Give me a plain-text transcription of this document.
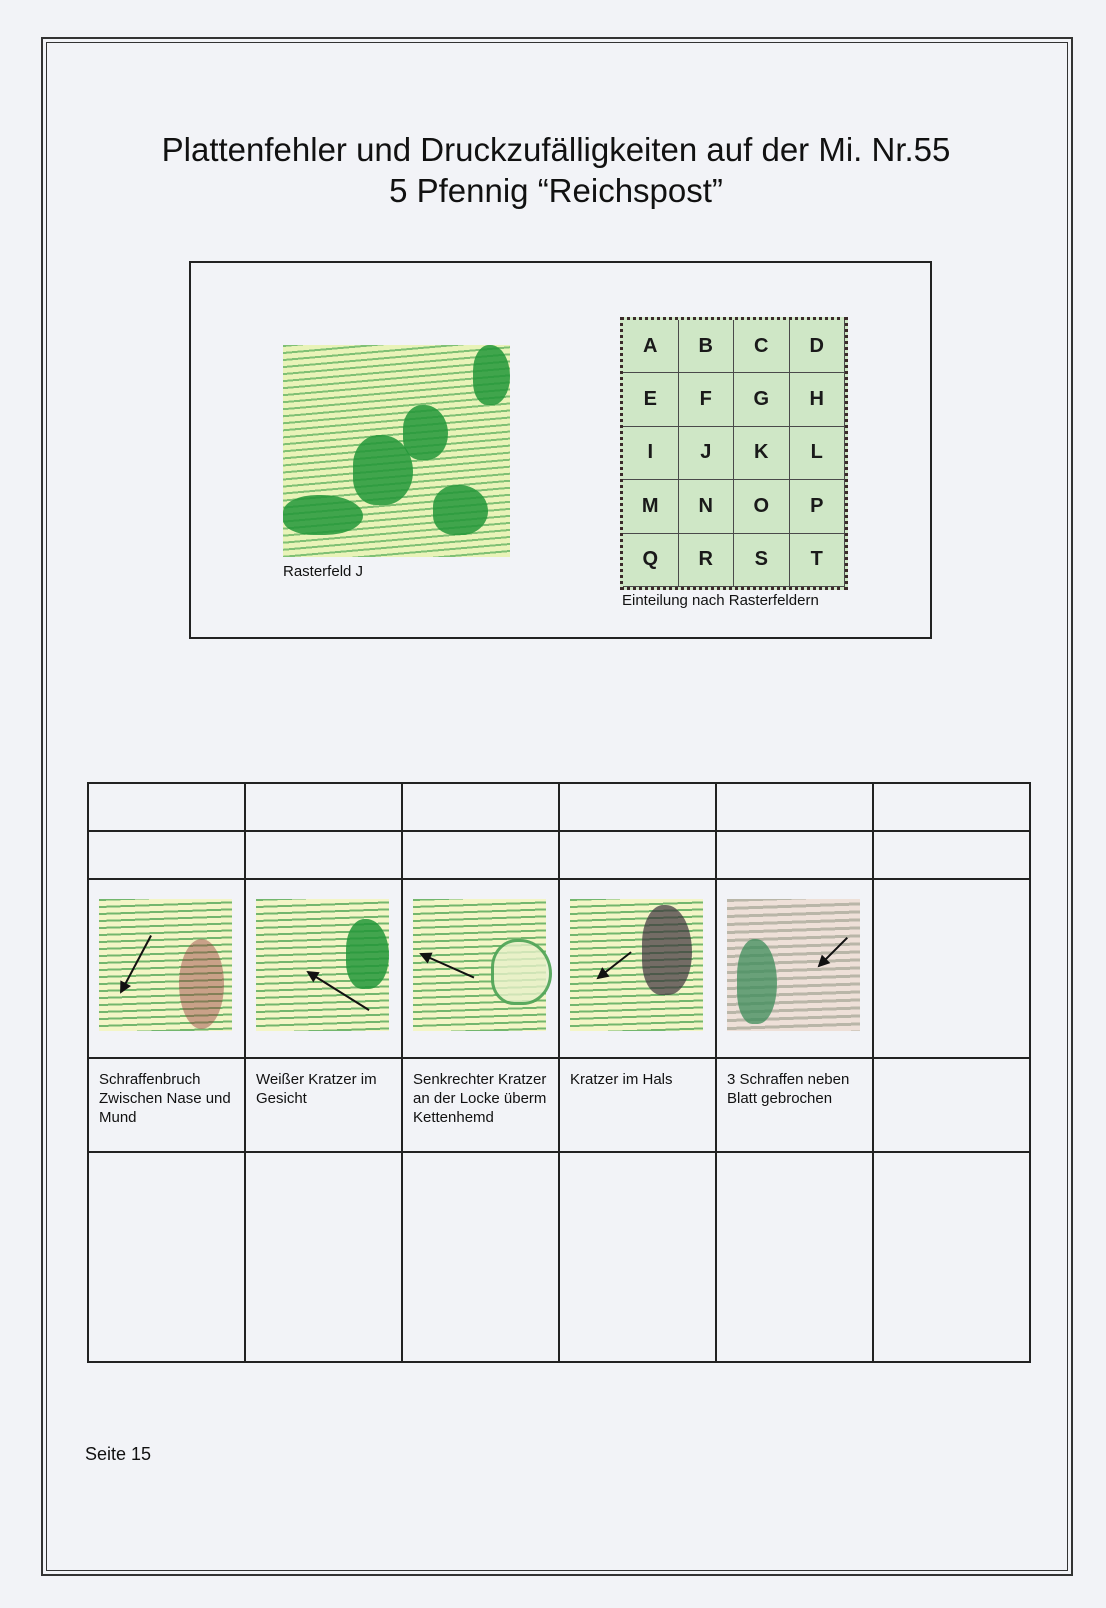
Plattenfehler und Druckzufälligkeiten auf der Mi. Nr.55
5 Pfennig “Reichspost”
Rasterfeld J
A	B	C	D
E	F	G	H
I	J	K	L
M	N	O	P
Q	R	S	T
Einteilung nach Rasterfeldern

Schraffenbruch Zwischen Nase und Mund	Weißer Kratzer im Gesicht	Senkrechter Kratzer an der Locke überm Kettenhemd	Kratzer im Hals	3 Schraffen neben Blatt gebrochen	

Seite 15
